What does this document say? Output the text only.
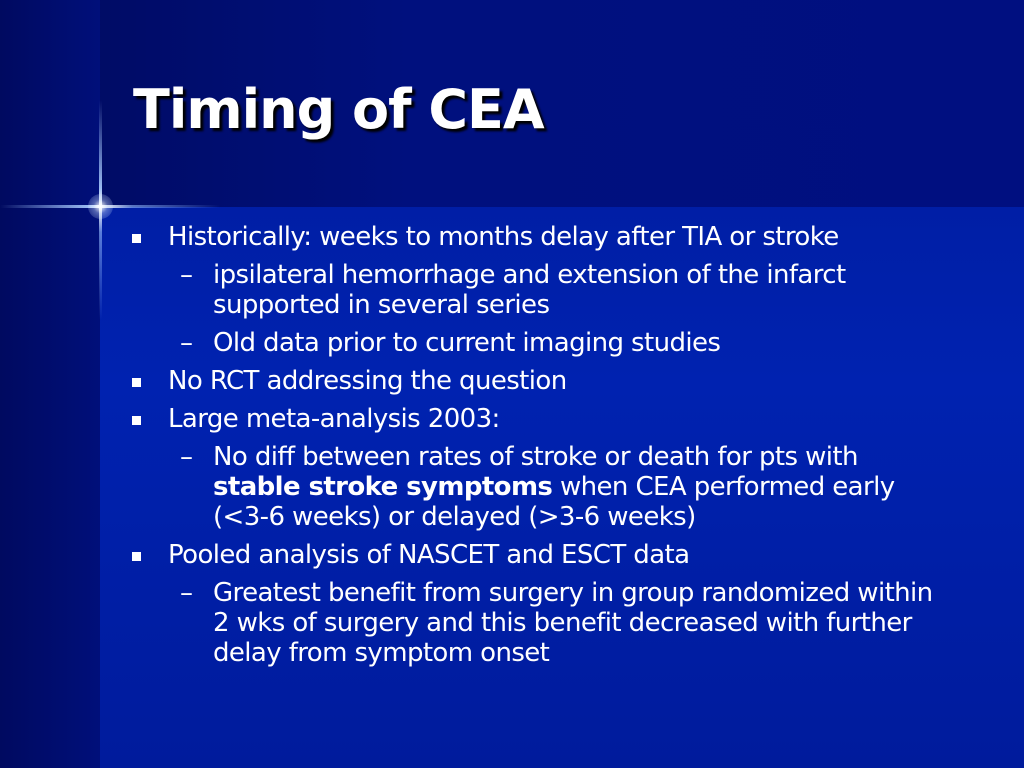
Timing of CEA
Historically: weeks to months delay after TIA or stroke
– ipsilateral hemorrhage and extension of the infarct supported in several series
– Old data prior to current imaging studies
No RCT addressing the question
Large meta-analysis 2003:
– No diff between rates of stroke or death for pts with stable stroke symptoms when CEA performed early (<3-6 weeks) or delayed (>3-6 weeks)
Pooled analysis of NASCET and ESCT data
– Greatest benefit from surgery in group randomized within 2 wks of surgery and this benefit decreased with further delay from symptom onset
